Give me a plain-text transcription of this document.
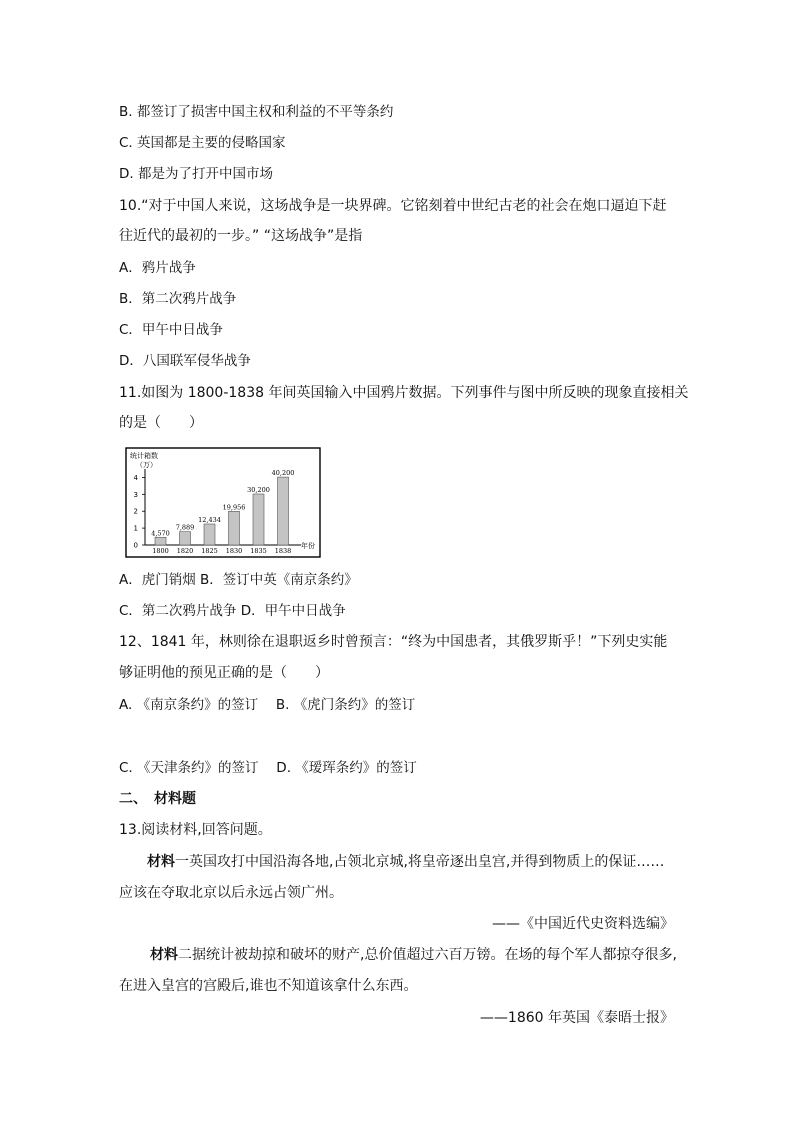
B. 都签订了损害中国主权和利益的不平等条约
C. 英国都是主要的侵略国家
D. 都是为了打开中国市场
10.“对于中国人来说，这场战争是一块界碑。它铭刻着中世纪古老的社会在炮口逼迫下赶
往近代的最初的一步。” “这场战争”是指
A．鸦片战争
B．第二次鸦片战争
C．甲午中日战争
D．八国联军侵华战争
11.如图为 1800-1838 年间英国输入中国鸦片数据。下列事件与图中所反映的现象直接相关
的是（　　）
统计箱数
（万）
年份
0
1
2
3
4
4,570
1800
7,889
1820
12,434
1825
19,956
1830
30,200
1835
40,200
1838
A．虎门销烟 B．签订中英《南京条约》
C．第二次鸦片战争 D．甲午中日战争
12、1841 年，林则徐在退职返乡时曾预言：“终为中国患者，其俄罗斯乎！”下列史实能
够证明他的预见正确的是（　　）
A. 《南京条约》的签订　 B. 《虎门条约》的签订
C. 《天津条约》的签订　 D. 《瑷珲条约》的签订
二、　材料题
13.阅读材料,回答问题。
材料一英国攻打中国沿海各地,占领北京城,将皇帝逐出皇宫,并得到物质上的保证……
应该在夺取北京以后永远占领广州。
——《中国近代史资料选编》
材料二据统计被劫掠和破坏的财产,总价值超过六百万镑。在场的每个军人都掠夺很多,
在进入皇宫的宫殿后,谁也不知道该拿什么东西。
——1860 年英国《泰晤士报》
